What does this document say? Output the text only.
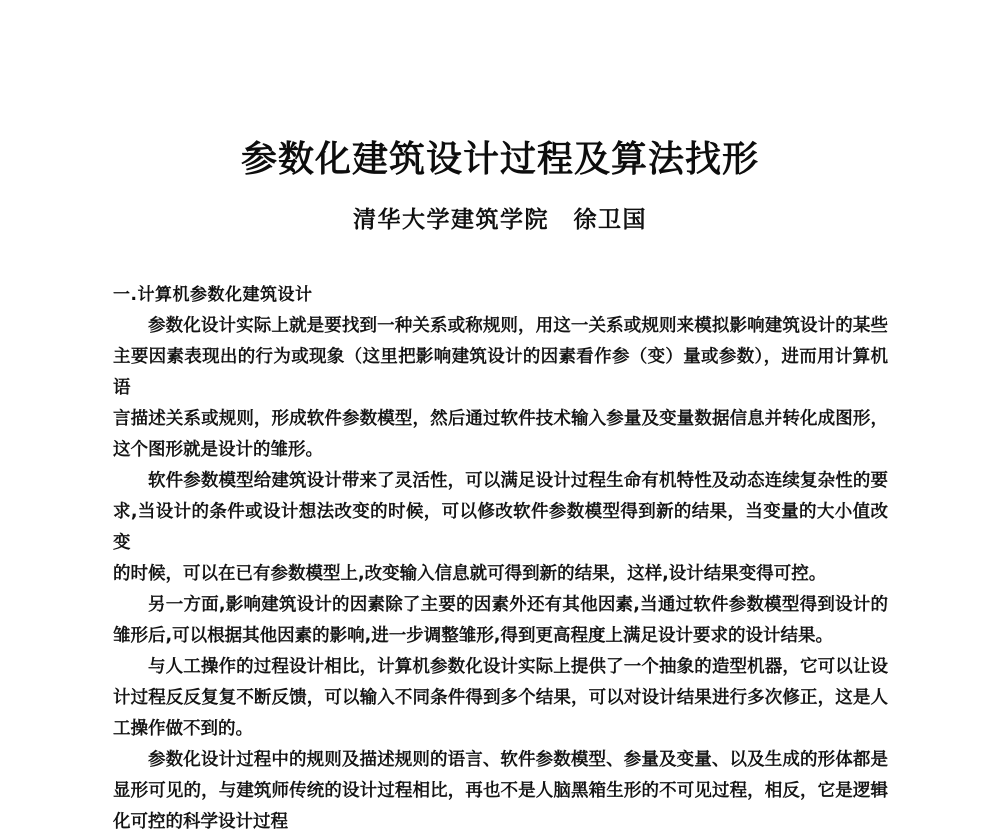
参数化建筑设计过程及算法找形
清华大学建筑学院　徐卫国
一.计算机参数化建筑设计
参数化设计实际上就是要找到一种关系或称规则，用这一关系或规则来模拟影响建筑设计的某些
主要因素表现出的行为或现象（这里把影响建筑设计的因素看作参（变）量或参数），进而用计算机语
言描述关系或规则，形成软件参数模型，然后通过软件技术输入参量及变量数据信息并转化成图形，
这个图形就是设计的雏形。
软件参数模型给建筑设计带来了灵活性，可以满足设计过程生命有机特性及动态连续复杂性的要
求,当设计的条件或设计想法改变的时候，可以修改软件参数模型得到新的结果，当变量的大小值改变
的时候，可以在已有参数模型上,改变输入信息就可得到新的结果，这样,设计结果变得可控。
另一方面,影响建筑设计的因素除了主要的因素外还有其他因素,当通过软件参数模型得到设计的
雏形后,可以根据其他因素的影响,进一步调整雏形,得到更高程度上满足设计要求的设计结果。
与人工操作的过程设计相比，计算机参数化设计实际上提供了一个抽象的造型机器，它可以让设
计过程反反复复不断反馈，可以输入不同条件得到多个结果，可以对设计结果进行多次修正，这是人
工操作做不到的。
参数化设计过程中的规则及描述规则的语言、软件参数模型、参量及变量、以及生成的形体都是
显形可见的，与建筑师传统的设计过程相比，再也不是人脑黑箱生形的不可见过程，相反，它是逻辑
化可控的科学设计过程
